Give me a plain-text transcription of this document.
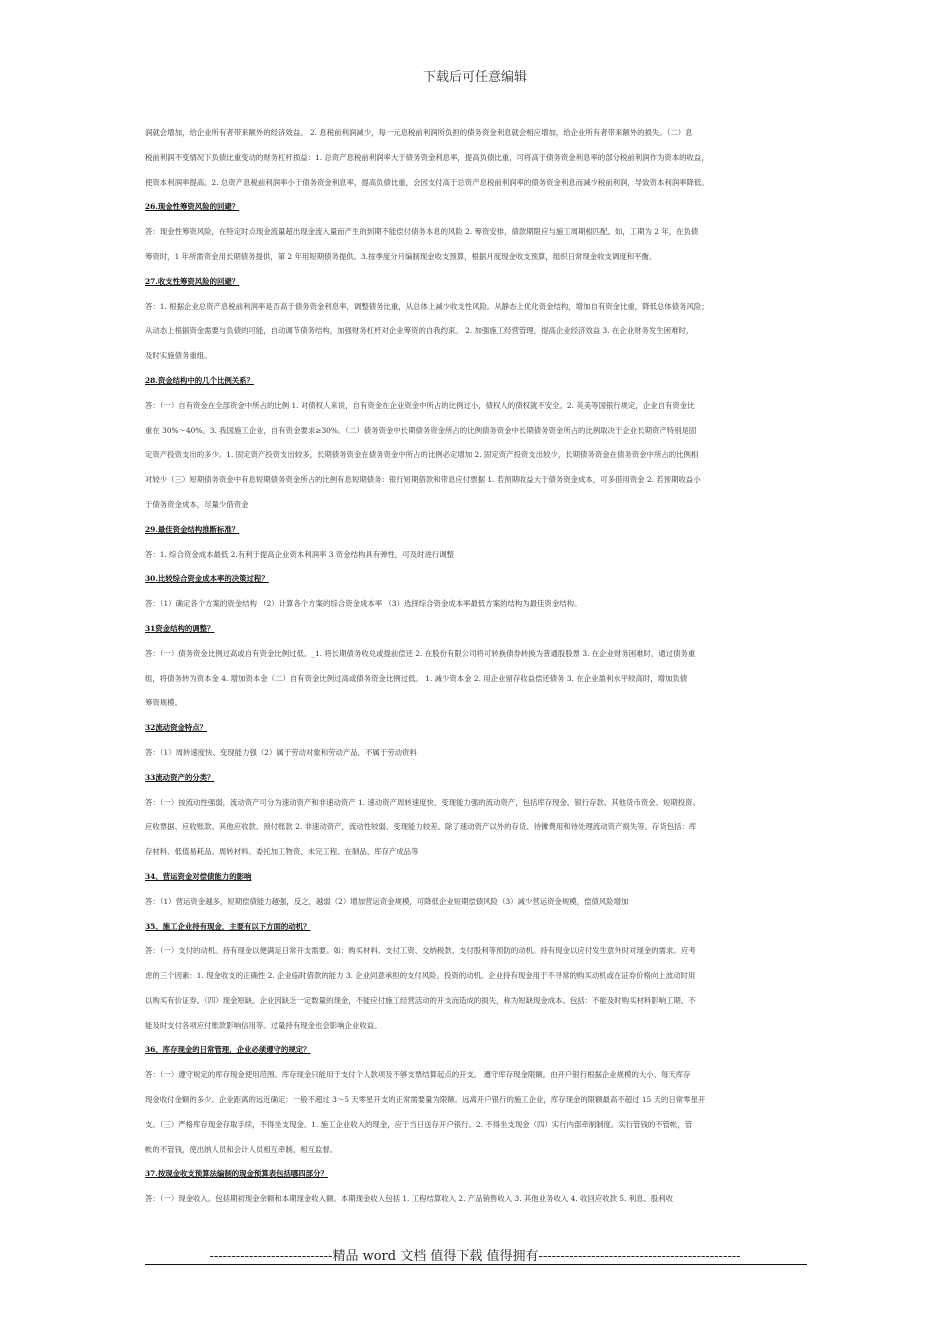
下载后可任意编辑
润就会增加，给企业所有者带来额外的经济效益。 2. 息税前利润减少，每一元息税前利润所负担的债务资金利息就会相应增加，给企业所有者带来额外的损失。（二）息
税前利润不变情况下负债比重变动的财务杠杆损益：1. 总资产息税前利润率大于债务资金利息率，提高负债比重，可将高于债务资金利息率的部分税前利润作为资本的收益，
使资本利润率提高。2. 总资产息税前利润率小于债务资金利息率，提高负债比重，会因支付高于总资产息税前利润率的债务资金利息而减少税前利润，导致资本利润率降低。
26.现金性筹资风险的回避？
答：现金性筹资风险，在特定时点现金流量超出现金流入量而产生的到期不能偿付债务本息的风险 2. 筹资安排，债款期限应与施工周期相匹配。如，工期为 2 年，在负债
筹资时，1 年所需资金用长期债务提供，第 2 年用短期债务提供。3.按季度分月编制现金收支预算，根据月度现金收支预算，组织日常现金收支调度和平衡。
27.收支性筹资风险的回避？
答：1. 根据企业总资产息税前利润率是否高于债务资金利息率，调整债务比重，从总体上减少收支性风险。从静态上优化资金结构，增加自有资金比重，降低总体债务风险；
从动态上根据资金需要与负债的可能，自动调节债务结构，加强财务杠杆对企业筹资的自我约束。 2. 加强施工经营管理，提高企业经济效益 3. 在企业财务发生困难时，
及时实施债务重组。
28.资金结构中的几个比例关系？
答：（一）自有资金在全部资金中所占的比例 1. 对债权人来说，自有资金在企业资金中所占的比例过小，债权人的债权就不安全。2. 英美等国银行规定，企业自有资金比
重在 30%～40%。3. 我国施工企业，自有资金要求≥30%。（二）债务资金中长期债务资金所占的比例债务资金中长期债务资金所占的比例取决于企业长期资产特别是固
定资产投资支出的多少。1. 固定资产投资支出较多，长期债务资金在债务资金中所占的比例必定增加 2. 固定资产投资支出较少，长期债务资金在债务资金中所占的比例相
对较少（三）短期债务资金中有息短期债务资金所占的比例有息短期债务：银行短期借款和带息应付票据 1. 若预期收益大于债务资金成本，可多借用资金 2. 若预期收益小
于债务资金成本，尽量少借资金
29.最佳资金结构推断标准？
答：1. 综合资金成本最低 2.有利于提高企业资本利润率 3 资金结构具有弹性，可及时进行调整
30.比较综合资金成本率的决策过程？
答：（1）确定各个方案的资金结构 （2）计算各个方案的综合资金成本率 （3）选择综合资金成本率最低方案的结构为最佳资金结构。
31资金结构的调整？
答：（一）债务资金比例过高或自有资金比例过低。_1. 将长期债务收兑或提前偿还 2. 在股份有限公司将可转换债券转换为普通股股票 3. 在企业财务困难时，通过债务重
组，将债务转为资本金 4. 增加资本金（二）自有资金比例过高或债务资金比例过低。 1. 减少资本金 2. 用企业留存收益偿还债务 3. 在企业盈利水平较高时，增加负债
筹资规模。
32流动资金特点？
答：（1）周转速度快、变现能力强（2）属于劳动对象和劳动产品，不属于劳动资料
33流动资产的分类？
答：（一）按流动性强弱，流动资产可分为速动资产和非速动资产 1. 速动资产周转速度快、变现能力强的流动资产，包括库存现金、银行存款、其他货币资金、短期投资、
应收票据、应收账款。其他应收款、预付账款 2. 非速动资产，流动性较弱、变现能力较差、除了速动资产以外的存货、待摊费用和待处理流动资产损失等。存货包括：库
存材料、低值易耗品、周转材料、委托加工物资、未完工程、在制品、库存产成品等
34、营运资金对偿债能力的影响
答：（1）营运资金越多，短期偿债能力越强，反之，越弱（2）增加营运资金规模，可降低企业短期偿债风险（3）减少营运资金规模，偿债风险增加
35、施工企业持有现金，主要有以下方面的动机？
答：（一）支付的动机。持有现金以便满足日常开支需要。如：购买材料、支付工资、交纳税款、支付股利等预防的动机。持有现金以应付发生意外时对现金的需求。应考
虑的三个因素：1. 现金收支的正确性 2. 企业临时借款的能力 3. 企业同意承担的支付风险。投资的动机。企业持有现金用于不寻常的购买动机或在证券价格向上波动时用
以购买有价证券。（四）现金短缺。企业因缺乏一定数量的现金，不能应付施工经营活动的开支而造成的损失，称为短缺现金成本。包括：不能及时购买材料影响工期、不
能及时支付各项应付账款影响信用等。过量持有现金也会影响企业收益。
36、库存现金的日常管理，企业必须遵守的规定？
答：（一）遵守规定的库存现金使用范围。库存现金只能用于支付个人款项及不够支票结算起点的开支。 遵守库存现金限额。由开户银行根据企业规模的大小、每天库存
现金收付金额的多少、企业距离的远近确定：一般不超过 3～5 天零星开支的正常需要量为限额。远离开户银行的施工企业，库存现金的限额最高不超过 15 天的日常零星开
支。（三）严格库存现金存取手续，不得坐支现金。1. 施工企业收入的现金，应于当日送存开户银行。2. 不得坐支现金（四）实行内部牵制制度。实行管钱的不管帐，管
帐的不管钱，使出纳人员和会计人员相互牵制，相互监督。
37.按现金收支预算法编制的现金预算表包括哪四部分？
答：（一）现金收入。包括期初现金余额和本期现金收入额。本期现金收入包括 1. 工程结算收入 2. 产品销售收入 3. 其他业务收入 4. 收回应收款 5. 利息、股利收
----------------------------精品 word 文档 值得下载 值得拥有----------------------------------------------
